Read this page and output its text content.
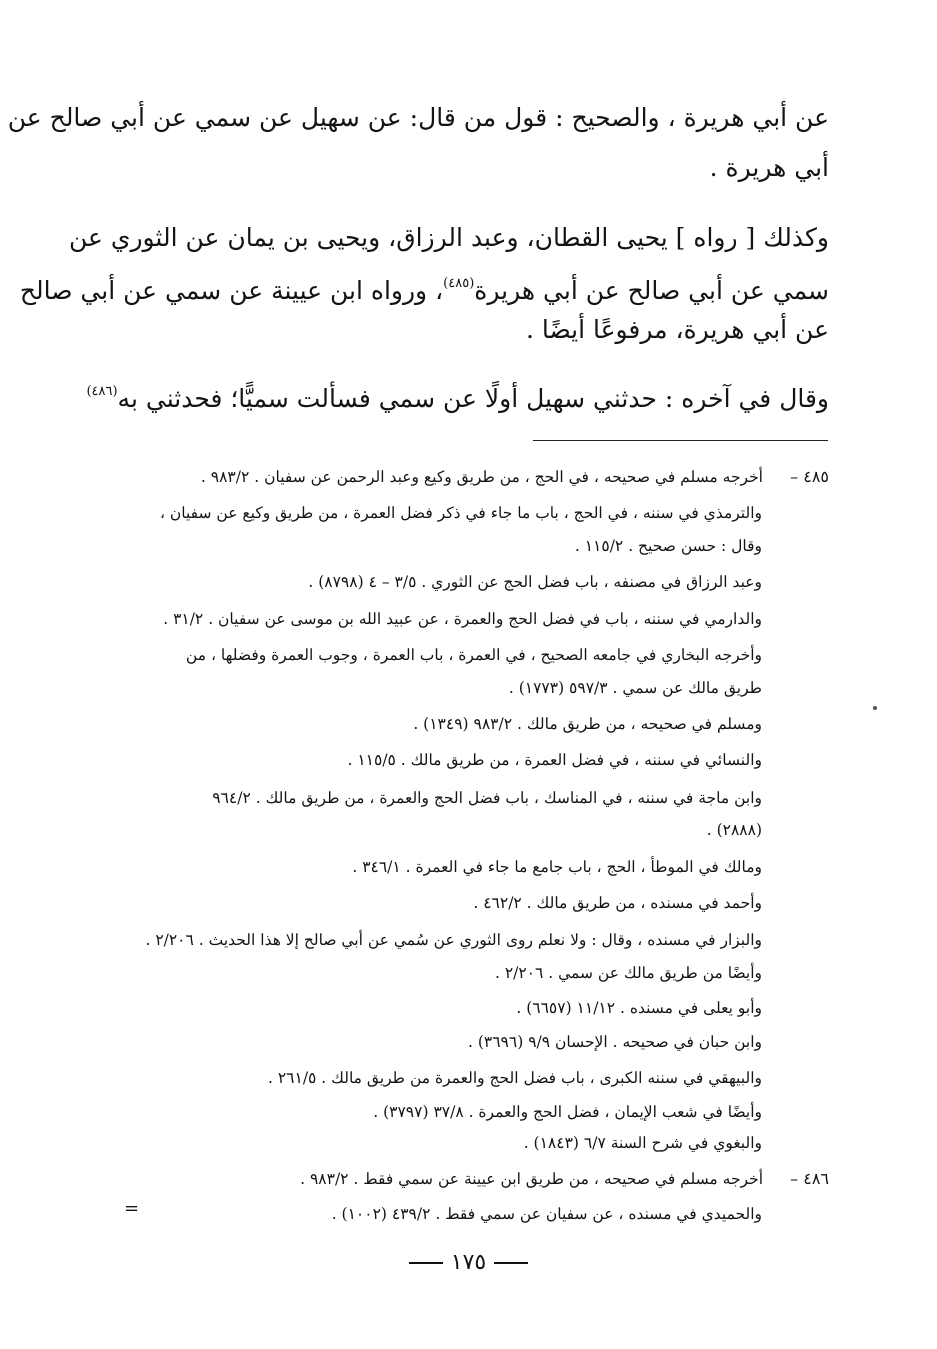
عن أبي هريرة ، والصحيح : قول من قال: عن سهيل عن سمي عن أبي صالح عن
أبي هريرة .
وكذلك [ رواه ] يحيى القطان، وعبد الرزاق، ويحيى بن يمان عن الثوري عن
سمي عن أبي صالح عن أبي هريرة$^{(٤٨٥)}$، ورواه ابن عيينة عن سمي عن أبي صالح
عن أبي هريرة، مرفوعًا أيضًا .
وقال في آخره : حدثني سهيل أولًا عن سمي فسألت سميًّا؛ فحدثني به$^{(٤٨٦)}$
٤٨٥ –
أخرجه مسلم في صحيحه ، في الحج ، من طريق وكيع وعبد الرحمن عن سفيان . ٩٨٣/٢ .
والترمذي في سننه ، في الحج ، باب ما جاء في ذكر فضل العمرة ، من طريق وكيع عن سفيان ،
وقال : حسن صحيح . ١١٥/٢ .
وعبد الرزاق في مصنفه ، باب فضل الحج عن الثوري . ٣/٥ – ٤ (٨٧٩٨) .
والدارمي في سننه ، باب في فضل الحج والعمرة ، عن عبيد الله بن موسى عن سفيان . ٣١/٢ .
وأخرجه البخاري في جامعه الصحيح ، في العمرة ، باب العمرة ، وجوب العمرة وفضلها ، من
طريق مالك عن سمي . ٥٩٧/٣ (١٧٧٣) .
ومسلم في صحيحه ، من طريق مالك . ٩٨٣/٢ (١٣٤٩) .
والنسائي في سننه ، في فضل العمرة ، من طريق مالك . ١١٥/٥ .
وابن ماجة في سننه ، في المناسك ، باب فضل الحج والعمرة ، من طريق مالك . ٩٦٤/٢
(٢٨٨٨) .
ومالك في الموطأ ، الحج ، باب جامع ما جاء في العمرة . ٣٤٦/١ .
وأحمد في مسنده ، من طريق مالك . ٤٦٢/٢ .
والبزار في مسنده ، وقال : ولا نعلم روى الثوري عن سُمي عن أبي صالح إلا هذا الحديث . ٢/٢٠٦ .
وأيضًا من طريق مالك عن سمي . ٢/٢٠٦ .
وأبو يعلى في مسنده . ١١/١٢ (٦٦٥٧) .
وابن حبان في صحيحه . الإحسان ٩/٩ (٣٦٩٦) .
والبيهقي في سننه الكبرى ، باب فضل الحج والعمرة من طريق مالك . ٢٦١/٥ .
وأيضًا في شعب الإيمان ، فضل الحج والعمرة . ٣٧/٨ (٣٧٩٧) .
والبغوي في شرح السنة ٦/٧ (١٨٤٣) .
٤٨٦ –
أخرجه مسلم في صحيحه ، من طريق ابن عيينة عن سمي فقط . ٩٨٣/٢ .
والحميدي في مسنده ، عن سفيان عن سمي فقط . ٤٣٩/٢ (١٠٠٢) .
=
١٧٥
